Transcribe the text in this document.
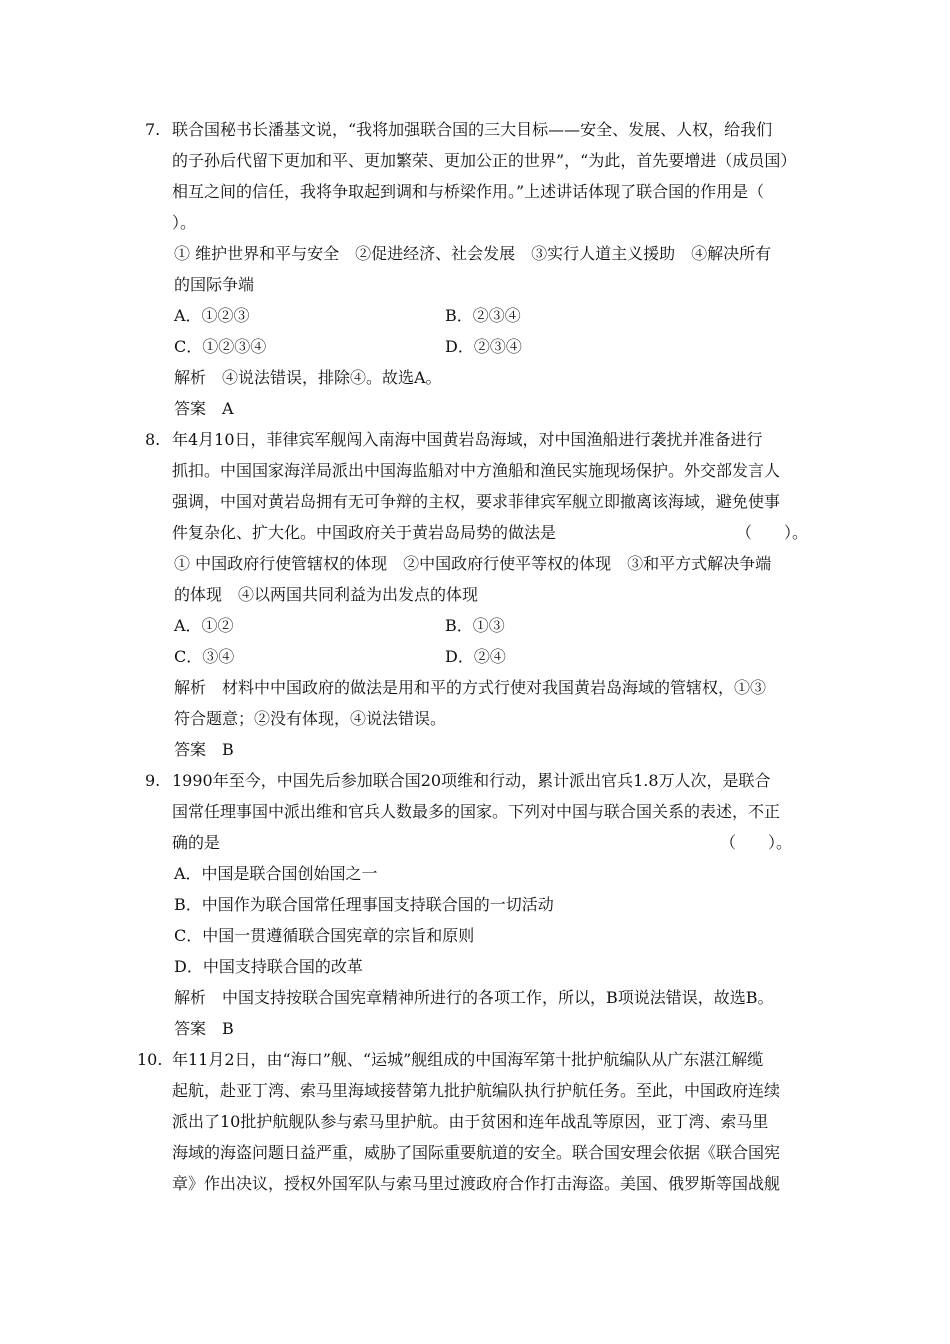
7. 联合国秘书长潘基文说，“我将加强联合国的三大目标——安全、发展、人权，给我们
的子孙后代留下更加和平、更加繁荣、更加公正的世界”，“为此，首先要增进（成员国）
相互之间的信任，我将争取起到调和与桥梁作用。”上述讲话体现了联合国的作用是（
）。
① 维护世界和平与安全　②促进经济、社会发展　③实行人道主义援助　④解决所有
的国际争端
A．①②③	B．②③④
C．①②③④	D．②③④
解析　④说法错误，排除④。故选A。
答案　A
8. 年4月10日，菲律宾军舰闯入南海中国黄岩岛海域，对中国渔船进行袭扰并准备进行
抓扣。中国国家海洋局派出中国海监船对中方渔船和渔民实施现场保护。外交部发言人
强调，中国对黄岩岛拥有无可争辩的主权，要求菲律宾军舰立即撤离该海域，避免使事
件复杂化、扩大化。中国政府关于黄岩岛局势的做法是	（　　）。
① 中国政府行使管辖权的体现　②中国政府行使平等权的体现　③和平方式解决争端
的体现　④以两国共同利益为出发点的体现
A．①②	B．①③
C．③④	D．②④
解析　材料中中国政府的做法是用和平的方式行使对我国黄岩岛海域的管辖权，①③
符合题意；②没有体现，④说法错误。
答案　B
9. 1990年至今，中国先后参加联合国20项维和行动，累计派出官兵1.8万人次，是联合
国常任理事国中派出维和官兵人数最多的国家。下列对中国与联合国关系的表述，不正
确的是	（　　）。
A．中国是联合国创始国之一
B．中国作为联合国常任理事国支持联合国的一切活动
C．中国一贯遵循联合国宪章的宗旨和原则
D．中国支持联合国的改革
解析　中国支持按联合国宪章精神所进行的各项工作，所以，B项说法错误，故选B。
答案　B
10. 年11月2日，由“海口”舰、“运城”舰组成的中国海军第十批护航编队从广东湛江解缆
起航，赴亚丁湾、索马里海域接替第九批护航编队执行护航任务。至此，中国政府连续
派出了10批护航舰队参与索马里护航。由于贫困和连年战乱等原因，亚丁湾、索马里
海域的海盗问题日益严重，威胁了国际重要航道的安全。联合国安理会依据《联合国宪
章》作出决议，授权外国军队与索马里过渡政府合作打击海盗。美国、俄罗斯等国战舰
